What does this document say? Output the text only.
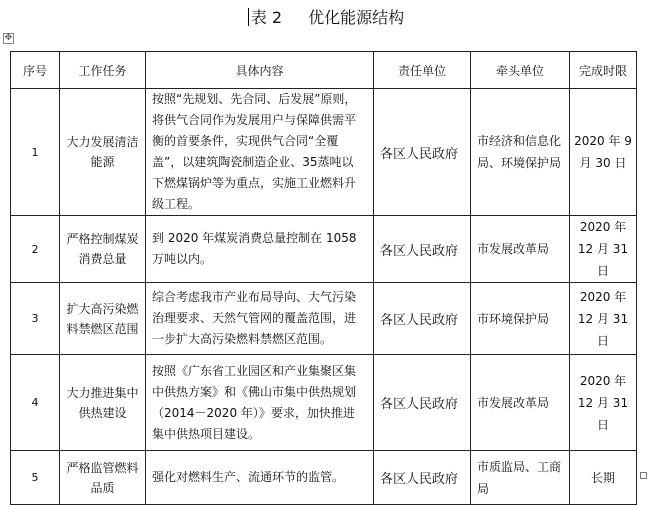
表 2 优化能源结构
✥
序号	工作任务	具体内容	责任单位	牵头单位	完成时限
1	大力发展清洁能源	按照“先规划、先合同、后发展”原则，将供气合同作为发展用户与保障供需平衡的首要条件，实现供气合同“全覆盖”，以建筑陶瓷制造企业、35蒸吨以下燃煤锅炉等为重点，实施工业燃料升级工程。	各区人民政府	市经济和信息化局、环境保护局	2020 年 9 月 30 日
2	严格控制煤炭消费总量	到 2020 年煤炭消费总量控制在 1058 万吨以内。	各区人民政府	市发展改革局	2020 年 12 月 31 日
3	扩大高污染燃料禁燃区范围	综合考虑我市产业布局导向、大气污染治理要求、天然气管网的覆盖范围，进一步扩大高污染燃料禁燃区范围。	各区人民政府	市环境保护局	2020 年 12 月 31 日
4	大力推进集中供热建设	按照《广东省工业园区和产业集聚区集中供热方案》和《佛山市集中供热规划（2014－2020 年）》要求，加快推进集中供热项目建设。	各区人民政府	市发展改革局	2020 年 12 月 31 日
5	严格监管燃料品质	强化对燃料生产、流通环节的监管。	各区人民政府	市质监局、工商局	长期
